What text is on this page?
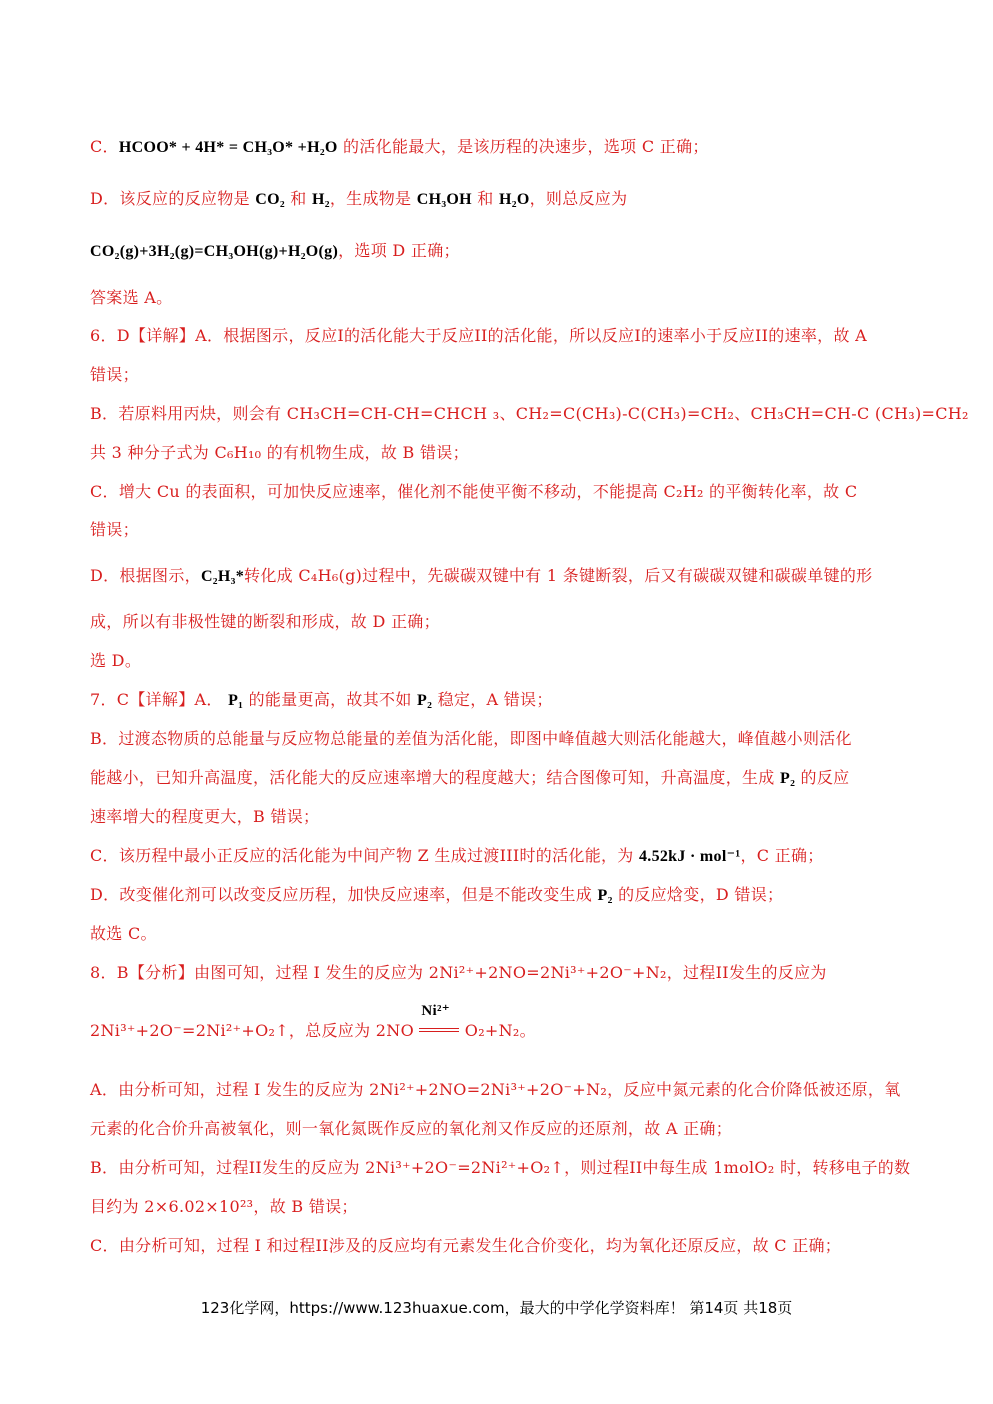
C．HCOO* + 4H* = CH₃O* +H₂O 的活化能最大，是该历程的决速步，选项 C 正确；
D．该反应的反应物是 CO₂ 和 H₂，生成物是 CH₃OH 和 H₂O，则总反应为
CO₂(g)+3H₂(g)=CH₃OH(g)+H₂O(g)，选项 D 正确；
答案选 A。
6．D【详解】A．根据图示，反应I的活化能大于反应II的活化能，所以反应I的速率小于反应II的速率，故 A
错误；
B．若原料用丙炔，则会有 CH₃CH=CH-CH=CHCH ₃、CH₂=C(CH₃)-C(CH₃)=CH₂、CH₃CH=CH-C (CH₃)=CH₂
共 3 种分子式为 C₆H₁₀ 的有机物生成，故 B 错误；
C．增大 Cu 的表面积，可加快反应速率，催化剂不能使平衡不移动，不能提高 C₂H₂ 的平衡转化率，故 C
错误；
D．根据图示，C₂H₃*转化成 C₄H₆(g)过程中，先碳碳双键中有 1 条键断裂，后又有碳碳双键和碳碳单键的形
成，所以有非极性键的断裂和形成，故 D 正确；
选 D。
7．C【详解】A． P₁ 的能量更高，故其不如 P₂ 稳定，A 错误；
B．过渡态物质的总能量与反应物总能量的差值为活化能，即图中峰值越大则活化能越大，峰值越小则活化
能越小，已知升高温度，活化能大的反应速率增大的程度越大；结合图像可知，升高温度，生成 P₂ 的反应
速率增大的程度更大，B 错误；
C．该历程中最小正反应的活化能为中间产物 Z 生成过渡III时的活化能，为 4.52kJ · mol⁻¹，C 正确；
D．改变催化剂可以改变反应历程，加快反应速率，但是不能改变生成 P₂ 的反应焓变，D 错误；
故选 C。
8．B【分析】由图可知，过程 I 发生的反应为 2Ni²⁺+2NO=2Ni³⁺+2O⁻+N₂，过程II发生的反应为
2Ni³⁺+2O⁻=2Ni²⁺+O₂↑，总反应为 2NO
Ni²⁺
O₂+N₂。
A．由分析可知，过程 I 发生的反应为 2Ni²⁺+2NO=2Ni³⁺+2O⁻+N₂，反应中氮元素的化合价降低被还原，氧
元素的化合价升高被氧化，则一氧化氮既作反应的氧化剂又作反应的还原剂，故 A 正确；
B．由分析可知，过程II发生的反应为 2Ni³⁺+2O⁻=2Ni²⁺+O₂↑，则过程II中每生成 1molO₂ 时，转移电子的数
目约为 2×6.02×10²³，故 B 错误；
C．由分析可知，过程 I 和过程II涉及的反应均有元素发生化合价变化，均为氧化还原反应，故 C 正确；
123化学网，https://www.123huaxue.com，最大的中学化学资料库！ 第14页 共18页
